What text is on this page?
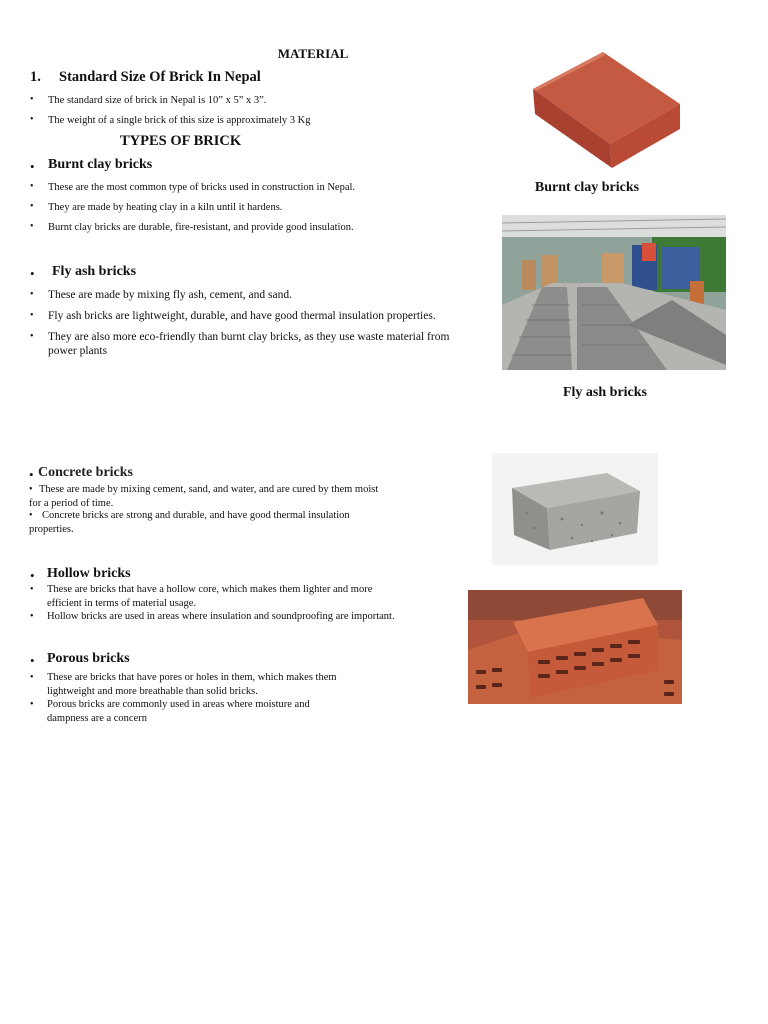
MATERIAL
1. Standard Size Of Brick In Nepal
• The standard size of brick in Nepal is 10” x 5” x 3”.
• The weight of a single brick of this size is approximately 3 Kg
TYPES OF BRICK
• Burnt clay bricks
• These are the most common type of bricks used in construction in Nepal.
• They are made by heating clay in a kiln until it hardens.
• Burnt clay bricks are durable, fire-resistant, and provide good insulation.
• Fly ash bricks
• These are made by mixing fly ash, cement, and sand.
• Fly ash bricks are lightweight, durable, and have good thermal insulation properties.
• They are also more eco-friendly than burnt clay bricks, as they use waste material from power plants
• Concrete bricks
• These are made by mixing cement, sand, and water, and are cured by them moist for a period of time.
• Concrete bricks are strong and durable, and have good thermal insulation properties.
• Hollow bricks
• These are bricks that have a hollow core, which makes them lighter and more efficient in terms of material usage.
• Hollow bricks are used in areas where insulation and soundproofing are important.
• Porous bricks
• These are bricks that have pores or holes in them, which makes them lightweight and more breathable than solid bricks.
• Porous bricks are commonly used in areas where moisture and dampness are a concern
Burnt clay bricks
Fly ash bricks
